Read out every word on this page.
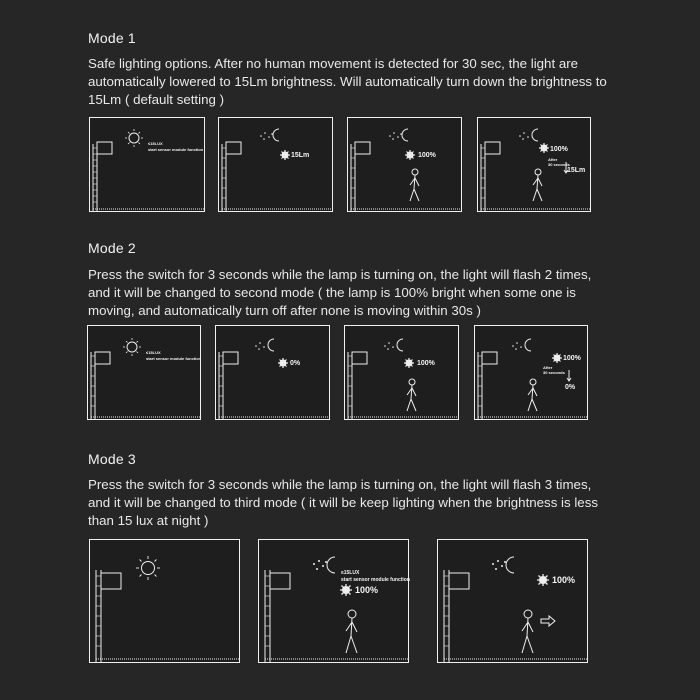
Mode 1
Safe lighting options. After no human movement is detected for 30 sec, the light are automatically lowered to 15Lm brightness. Will automatically turn down the brightness to 15Lm ( default setting )
≤15LUX
start sensor module function
15Lm	100%
100%
After
30 seconds
15Lm
Mode 2
Press the switch for 3 seconds while the lamp is turning on, the light will flash 2 times, and it will be changed to second mode ( the lamp is 100% bright when some one is moving, and automatically turn off after none is moving within 30s )
≤15LUX
start sensor module function
0%	100%
100%
After
30 seconds
0%
Mode 3
Press the switch for 3 seconds while the lamp is turning on, the light will flash 3 times, and it will be changed to third mode ( it will be keep lighting when the brightness is less than 15 lux at night )
≤15LUX
start sensor module function
100%
100%
